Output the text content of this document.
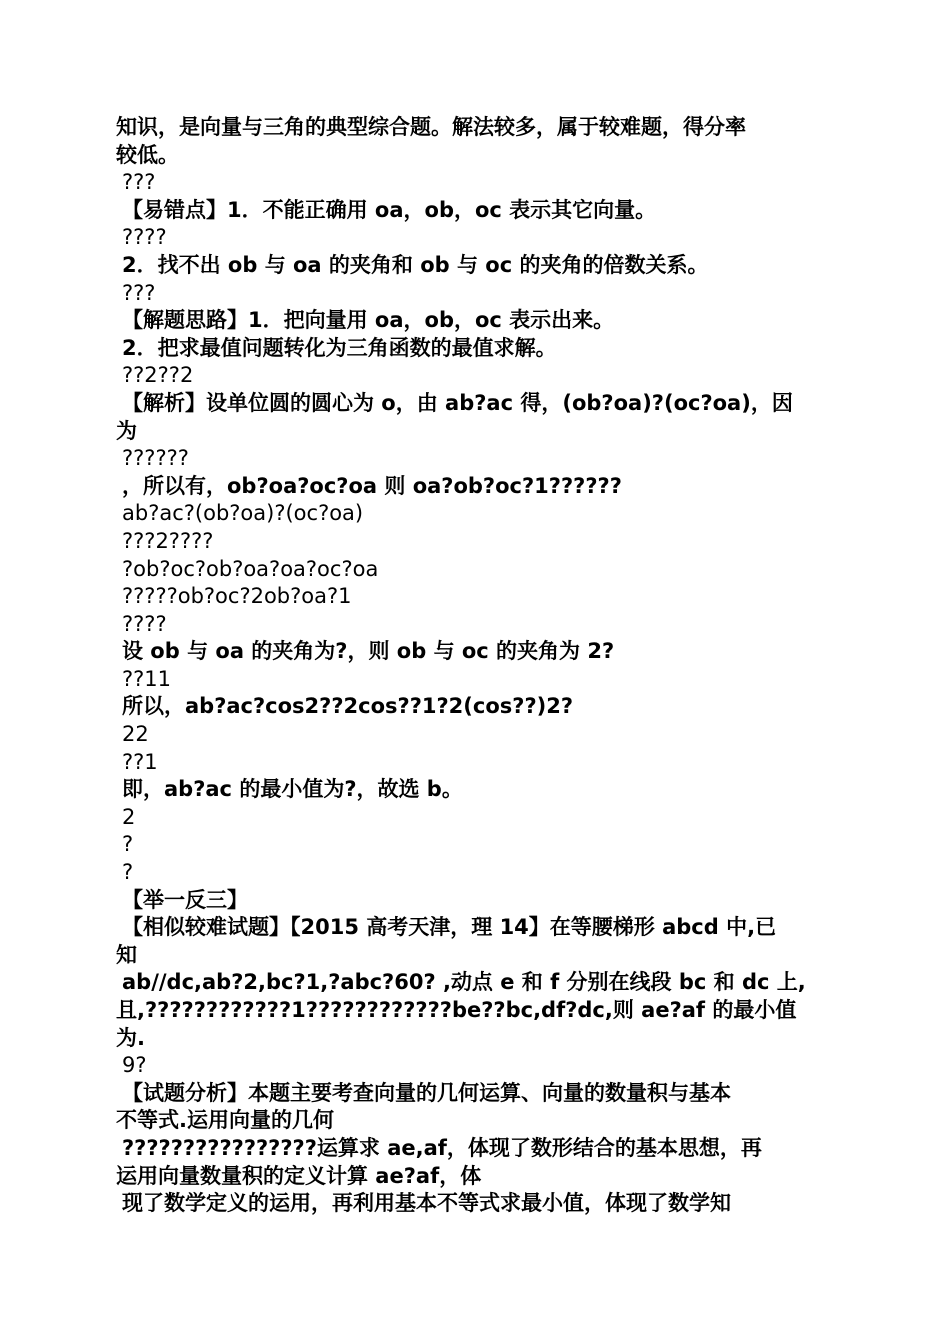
知识，是向量与三角的典型综合题。解法较多，属于较难题，得分率

较低。

???

【易错点】1．不能正确用 oa，ob，oc 表示其它向量。

????

2．找不出 ob 与 oa 的夹角和 ob 与 oc 的夹角的倍数关系。

???

【解题思路】1．把向量用 oa，ob，oc 表示出来。

2．把求最值问题转化为三角函数的最值求解。

??2??2

【解析】设单位圆的圆心为 o，由 ab?ac 得，(ob?oa)?(oc?oa)，因

为

??????

，所以有，ob?oa?oc?oa 则 oa?ob?oc?1??????

ab?ac?(ob?oa)?(oc?oa)

???2????

?ob?oc?ob?oa?oa?oc?oa

?????ob?oc?2ob?oa?1

????

设 ob 与 oa 的夹角为?，则 ob 与 oc 的夹角为 2?

??11

所以，ab?ac?cos2??2cos??1?2(cos??)2?

22

??1

即，ab?ac 的最小值为?，故选 b。

2

?

?

【举一反三】

【相似较难试题】【2015 高考天津，理 14】在等腰梯形 abcd 中,已

知

ab//dc,ab?2,bc?1,?abc?60? ,动点 e 和 f 分别在线段 bc 和 dc 上,

且,????????????1????????????be??bc,df?dc,则 ae?af 的最小值

为.

9?

【试题分析】本题主要考查向量的几何运算、向量的数量积与基本

不等式.运用向量的几何

????????????????运算求 ae,af，体现了数形结合的基本思想，再

运用向量数量积的定义计算 ae?af，体

现了数学定义的运用，再利用基本不等式求最小值，体现了数学知
